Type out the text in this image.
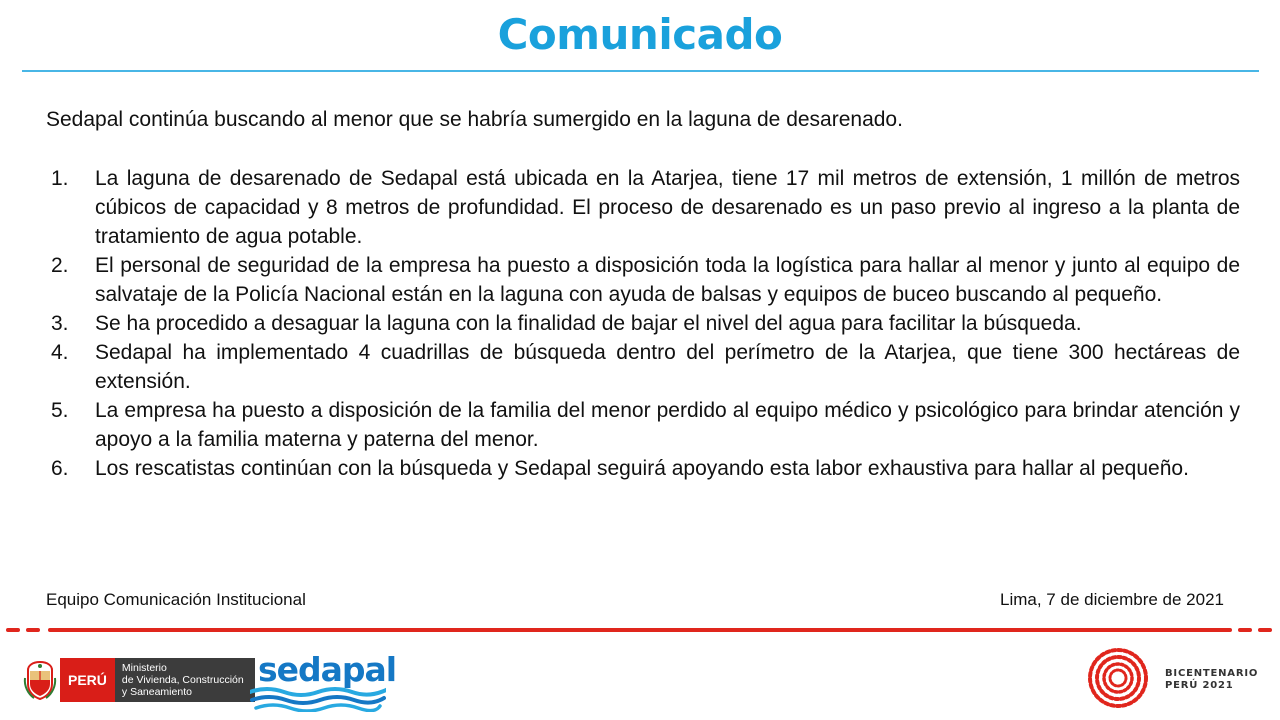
Comunicado

Sedapal continúa buscando al menor que se habría sumergido en la laguna de desarenado.

1. La laguna de desarenado de Sedapal está ubicada en la Atarjea, tiene 17 mil metros de extensión, 1 millón de metros cúbicos de capacidad y 8 metros de profundidad. El proceso de desarenado es un paso previo al ingreso a la planta de tratamiento de agua potable.
2. El personal de seguridad de la empresa ha puesto a disposición toda la logística para hallar al menor y junto al equipo de salvataje de la Policía Nacional están en la laguna con ayuda de balsas y equipos de buceo buscando al pequeño.
3. Se ha procedido a desaguar la laguna con la finalidad de bajar el nivel del agua para facilitar la búsqueda.
4. Sedapal ha implementado 4 cuadrillas de búsqueda dentro del perímetro de la Atarjea, que tiene 300 hectáreas de extensión.
5. La empresa ha puesto a disposición de la familia del menor perdido al equipo médico y psicológico para brindar atención y apoyo a la familia materna y paterna del menor.
6. Los rescatistas continúan con la búsqueda y Sedapal seguirá apoyando esta labor exhaustiva para hallar al pequeño.
Equipo Comunicación Institucional	Lima, 7 de diciembre de 2021
PERÚ
Ministerio
de Vivienda, Construcción
y Saneamiento
sedapal	BICENTENARIO
PERÚ 2021
